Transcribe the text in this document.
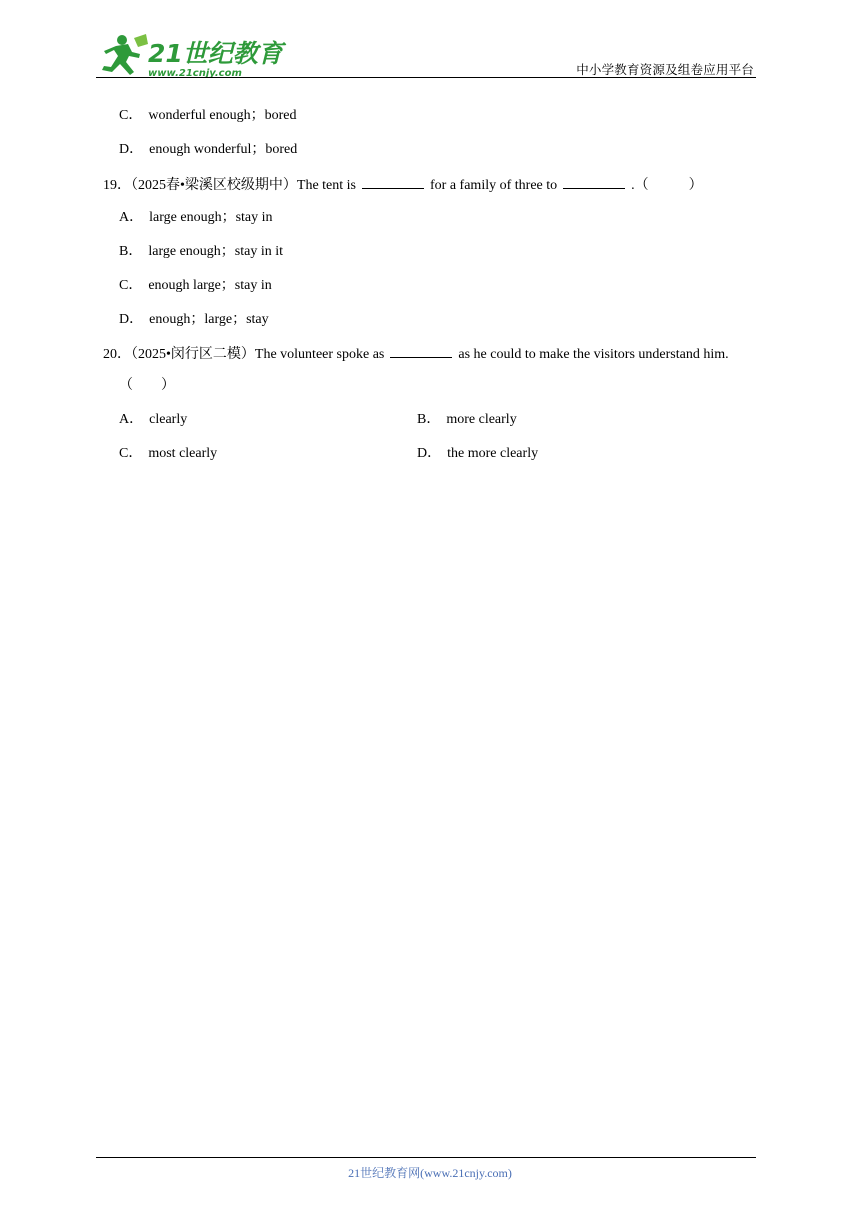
21世纪教育
www.21cnjy.com	中小学教育资源及组卷应用平台
C． wonderful enough；bored
D． enough wonderful；bored
19．（2025春•梁溪区校级期中）The tent is	for a family of three to	.（	）
A． large enough；stay in
B． large enough；stay in it
C． enough large；stay in
D． enough；large；stay
20．（2025•闵行区二模）The volunteer spoke as	as he could to make the visitors understand him.
（　　）
A． clearly	B． more clearly
C． most clearly	D． the more clearly
21世纪教育网(www.21cnjy.com)
